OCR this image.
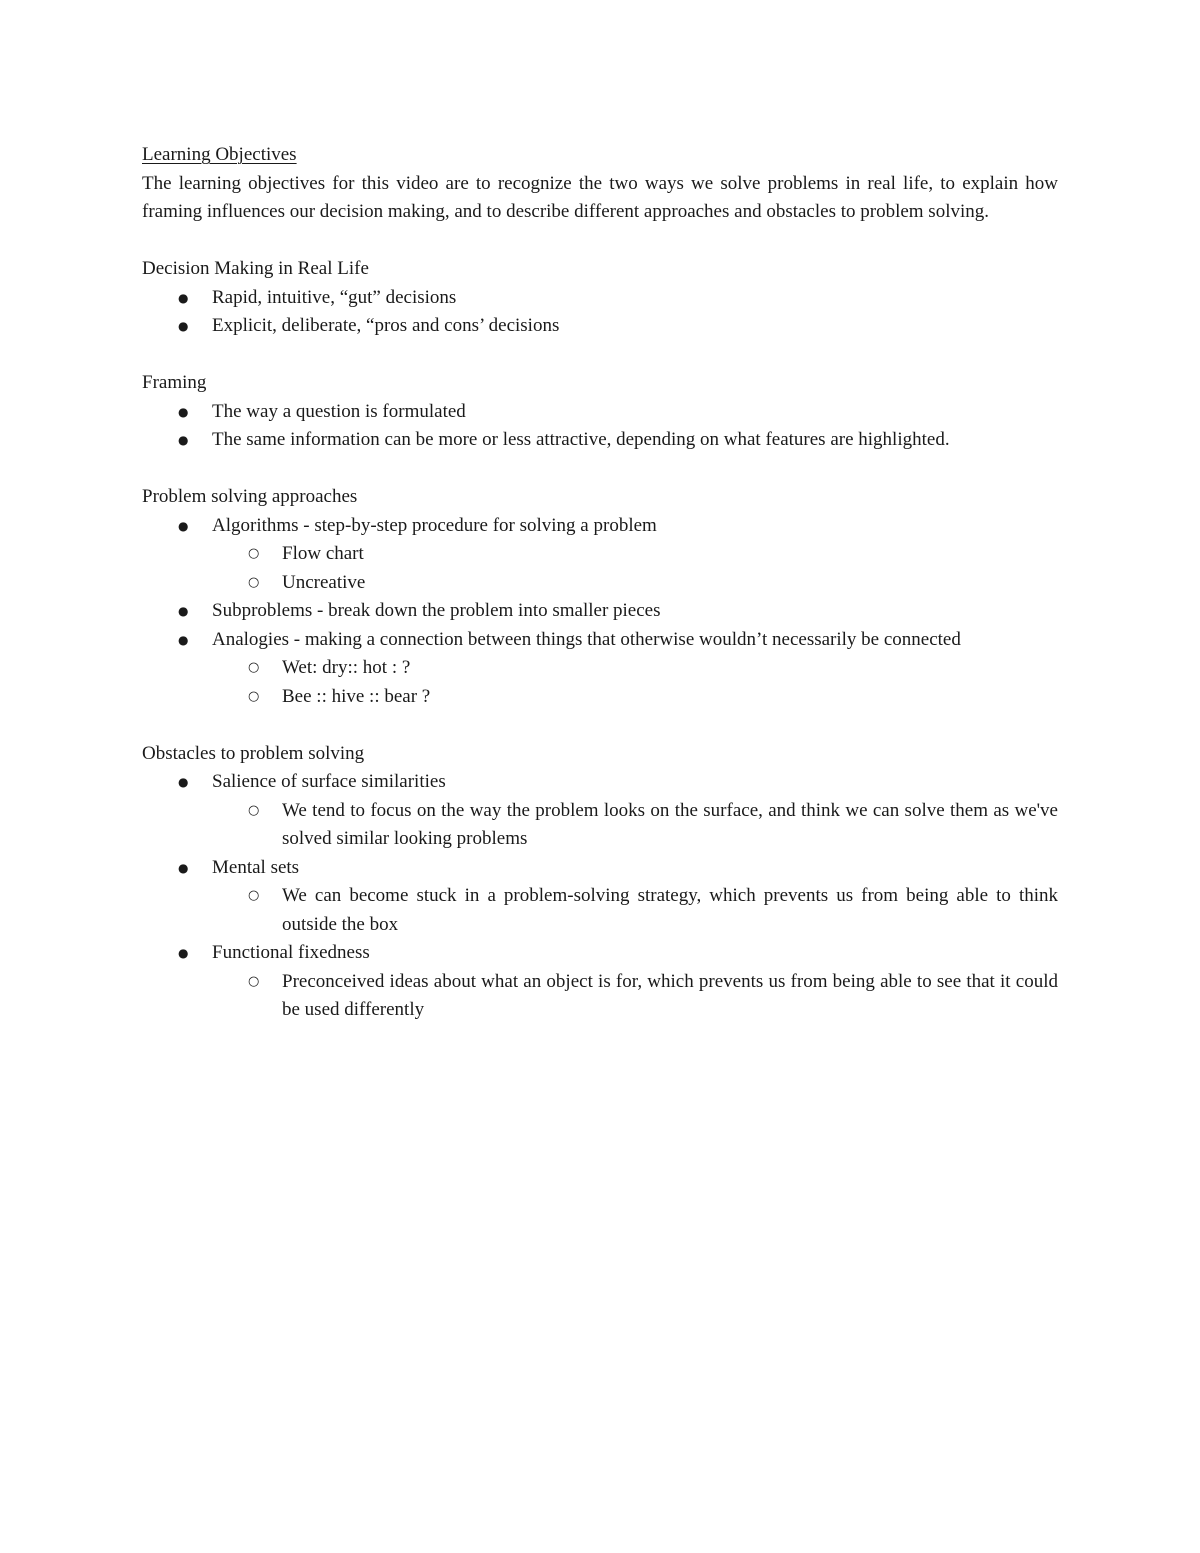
Learning Objectives

The learning objectives for this video are to recognize the two ways we solve problems in real life, to explain how framing influences our decision making, and to describe different approaches and obstacles to problem solving.

Decision Making in Real Life

● Rapid, intuitive, “gut” decisions
● Explicit, deliberate, “pros and cons’ decisions

Framing

● The way a question is formulated
● The same information can be more or less attractive, depending on what features are highlighted.

Problem solving approaches

● Algorithms - step-by-step procedure for solving a problem
○ Flow chart
○ Uncreative
● Subproblems - break down the problem into smaller pieces
● Analogies - making a connection between things that otherwise wouldn’t necessarily be connected
○ Wet: dry:: hot : ?
○ Bee :: hive :: bear ?

Obstacles to problem solving

● Salience of surface similarities
○ We tend to focus on the way the problem looks on the surface, and think we can solve them as we've solved similar looking problems
● Mental sets
○ We can become stuck in a problem-solving strategy, which prevents us from being able to think outside the box
● Functional fixedness
○ Preconceived ideas about what an object is for, which prevents us from being able to see that it could be used differently
